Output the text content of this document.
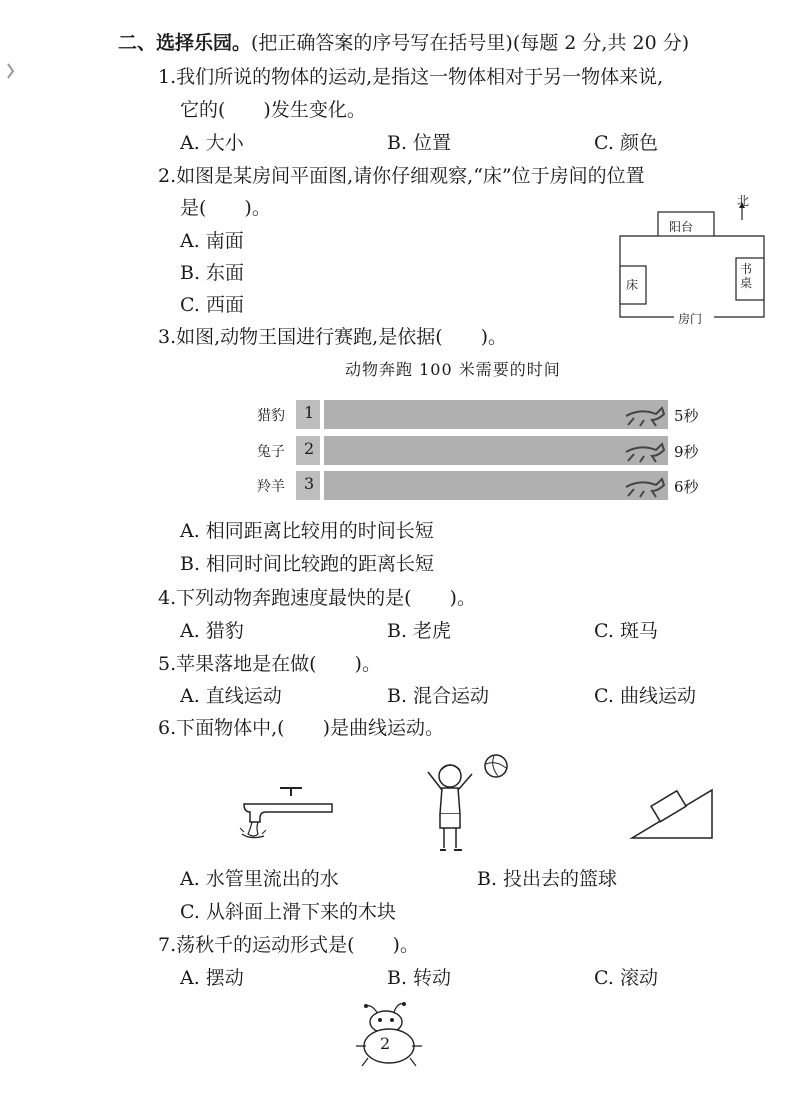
二、选择乐园。(把正确答案的序号写在括号里)(每题 2 分,共 20 分)
1.我们所说的物体的运动,是指这一物体相对于另一物体来说,
它的(　　)发生变化。
A. 大小	B. 位置	C. 颜色
2.如图是某房间平面图,请你仔细观察,“床”位于房间的位置
是(　　)。
A. 南面
B. 东面
C. 西面
北
阳台
床
书桌
房门
3.如图,动物王国进行赛跑,是依据(　　)。
动物奔跑 100 米需要的时间
猎豹
兔子
羚羊
1
2
3
5秒
9秒
6秒
A. 相同距离比较用的时间长短
B. 相同时间比较跑的距离长短
4.下列动物奔跑速度最快的是(　　)。
A. 猎豹	B. 老虎	C. 斑马
5.苹果落地是在做(　　)。
A. 直线运动	B. 混合运动	C. 曲线运动
6.下面物体中,(　　)是曲线运动。
A. 水管里流出的水	B. 投出去的篮球
C. 从斜面上滑下来的木块
7.荡秋千的运动形式是(　　)。
A. 摆动	B. 转动	C. 滚动
2
